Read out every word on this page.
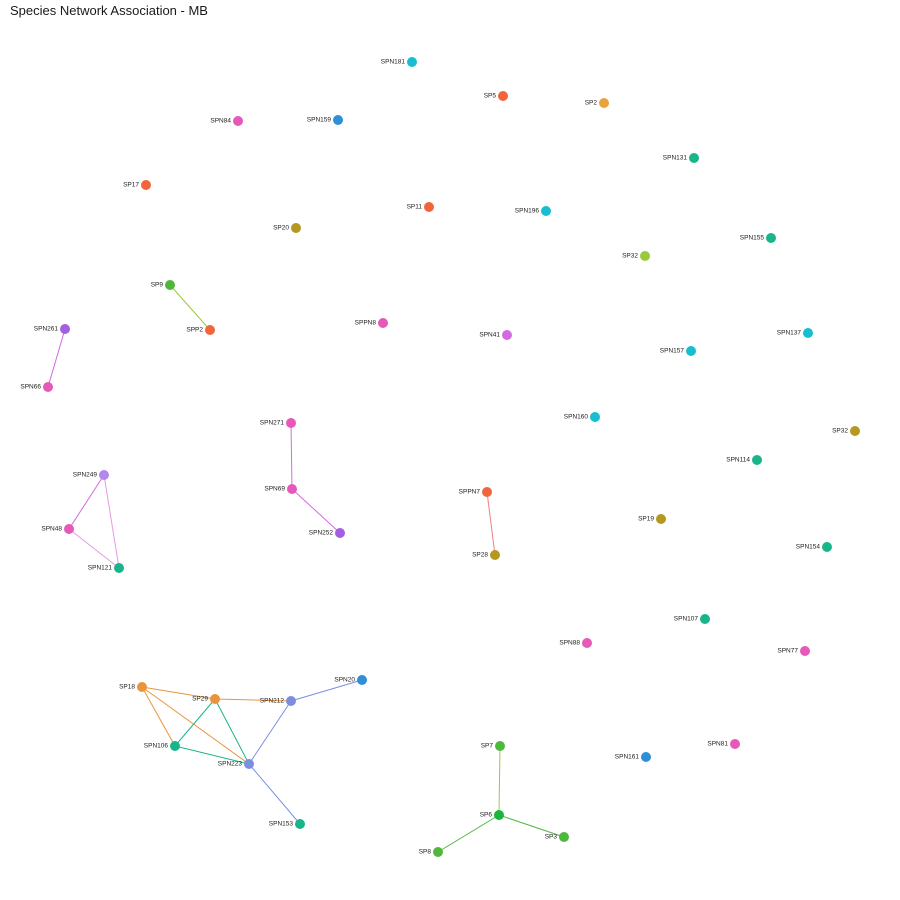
Species Network Association - MB
SPN181
SP5
SP2
SPN84	SPN159
SPN131
SP17
SP11
SPN196
SPN155
SP20
SP32
SP9
SPP2
SPPN8
SPN261
SPN41	SPN137
SPN157
SPN66
SPN160
SP32
SPN271
SPN114
SPN249
SPN69	SPPN7
SP19
SPN48
SPN252
SPN154
SP28
SPN121
SPN107
SPN88
SPN77
SPN20
SP18
SP29	SPN212
SPN81
SPN106	SP7
SPN161
SPN223
SP6
SPN153
SP3
SP8
